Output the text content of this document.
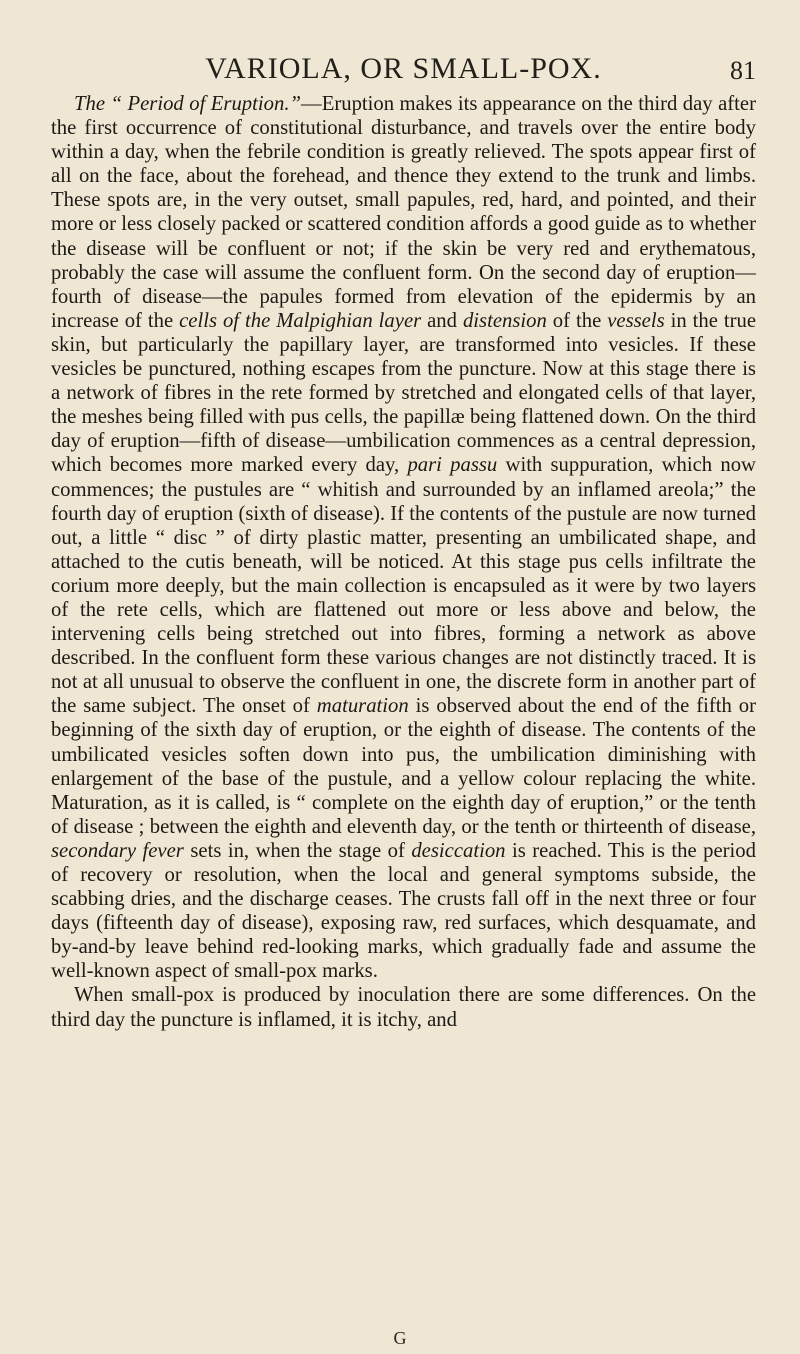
VARIOLA, OR SMALL-POX.	81

The “ Period of Eruption.”—Eruption makes its appearance on the third day after the first occurrence of constitutional disturbance, and travels over the entire body within a day, when the febrile condition is greatly relieved. The spots appear first of all on the face, about the forehead, and thence they extend to the trunk and limbs. These spots are, in the very outset, small papules, red, hard, and pointed, and their more or less closely packed or scattered condition affords a good guide as to whether the disease will be confluent or not; if the skin be very red and erythematous, probably the case will assume the confluent form. On the second day of eruption—fourth of disease—the papules formed from elevation of the epidermis by an increase of the cells of the Malpighian layer and distension of the vessels in the true skin, but particularly the papillary layer, are transformed into vesicles. If these vesicles be punctured, nothing escapes from the puncture. Now at this stage there is a network of fibres in the rete formed by stretched and elongated cells of that layer, the meshes being filled with pus cells, the papillæ being flattened down. On the third day of eruption—fifth of disease—umbilication commences as a central depression, which becomes more marked every day, pari passu with suppuration, which now commences; the pustules are “ whitish and surrounded by an inflamed areola;” the fourth day of eruption (sixth of disease). If the contents of the pustule are now turned out, a little “ disc ” of dirty plastic matter, presenting an umbilicated shape, and attached to the cutis beneath, will be noticed. At this stage pus cells infiltrate the corium more deeply, but the main collection is encapsuled as it were by two layers of the rete cells, which are flattened out more or less above and below, the intervening cells being stretched out into fibres, forming a network as above described. In the confluent form these various changes are not distinctly traced. It is not at all unusual to observe the confluent in one, the discrete form in another part of the same subject. The onset of maturation is observed about the end of the fifth or beginning of the sixth day of eruption, or the eighth of disease. The contents of the umbilicated vesicles soften down into pus, the umbilication diminishing with enlargement of the base of the pustule, and a yellow colour replacing the white. Maturation, as it is called, is “ complete on the eighth day of eruption,” or the tenth of disease ; between the eighth and eleventh day, or the tenth or thirteenth of disease, secondary fever sets in, when the stage of desiccation is reached. This is the period of recovery or resolution, when the local and general symptoms subside, the scabbing dries, and the discharge ceases. The crusts fall off in the next three or four days (fifteenth day of disease), exposing raw, red surfaces, which desquamate, and by-and-by leave behind red-looking marks, which gradually fade and assume the well-known aspect of small-pox marks.

When small-pox is produced by inoculation there are some differences. On the third day the puncture is inflamed, it is itchy, and

G
